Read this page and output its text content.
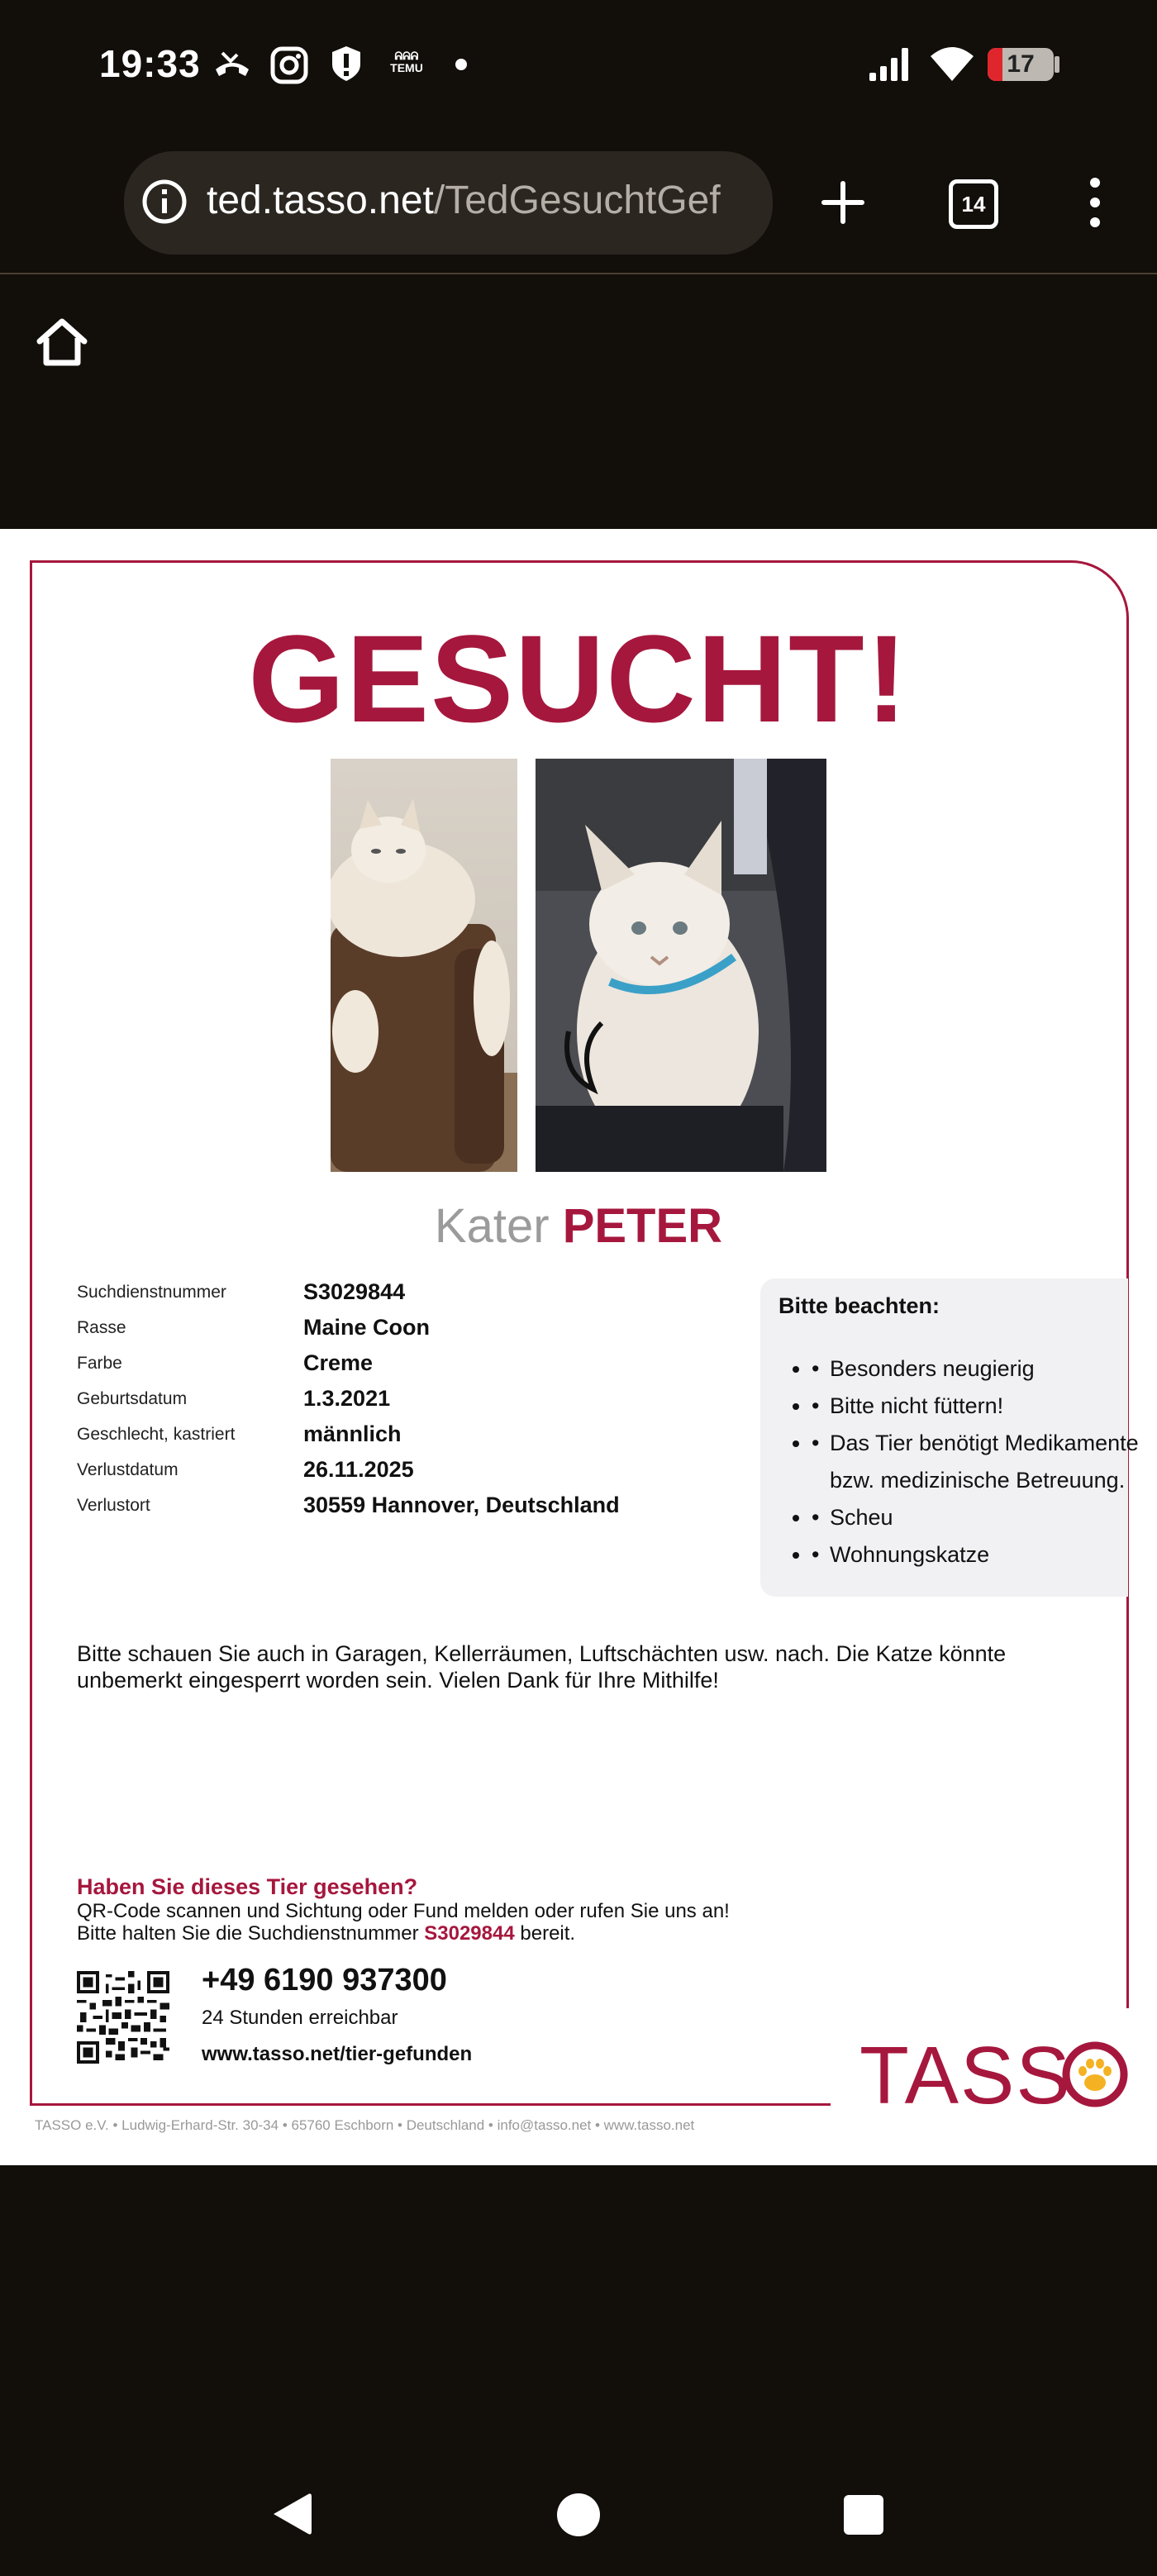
19:33	ᕱᕱᕱ
TEMU	17
ted.tasso.net/TedGesuchtGef	14
GESUCHT!
Kater PETER
Suchdienstnummer	S3029844
Rasse	Maine Coon
Farbe	Creme
Geburtsdatum	1.3.2021
Geschlecht, kastriert	männlich
Verlustdatum	26.11.2025
Verlustort	30559 Hannover, Deutschland
Bitte beachten:
• • Besonders neugierig
• • Bitte nicht füttern!
• • Das Tier benötigt Medikamente bzw. medizinische Betreuung.
• • Scheu
• • Wohnungskatze
Bitte schauen Sie auch in Garagen, Kellerräumen, Luftschächten usw. nach. Die Katze könnte unbemerkt eingesperrt worden sein. Vielen Dank für Ihre Mithilfe!
Haben Sie dieses Tier gesehen?
QR-Code scannen und Sichtung oder Fund melden oder rufen Sie uns an!
Bitte halten Sie die Suchdienstnummer S3029844 bereit.
+49 6190 937300
24 Stunden erreichbar
www.tasso.net/tier-gefunden	TASS
TASSO e.V. • Ludwig-Erhard-Str. 30-34 • 65760 Eschborn • Deutschland • info@tasso.net • www.tasso.net
